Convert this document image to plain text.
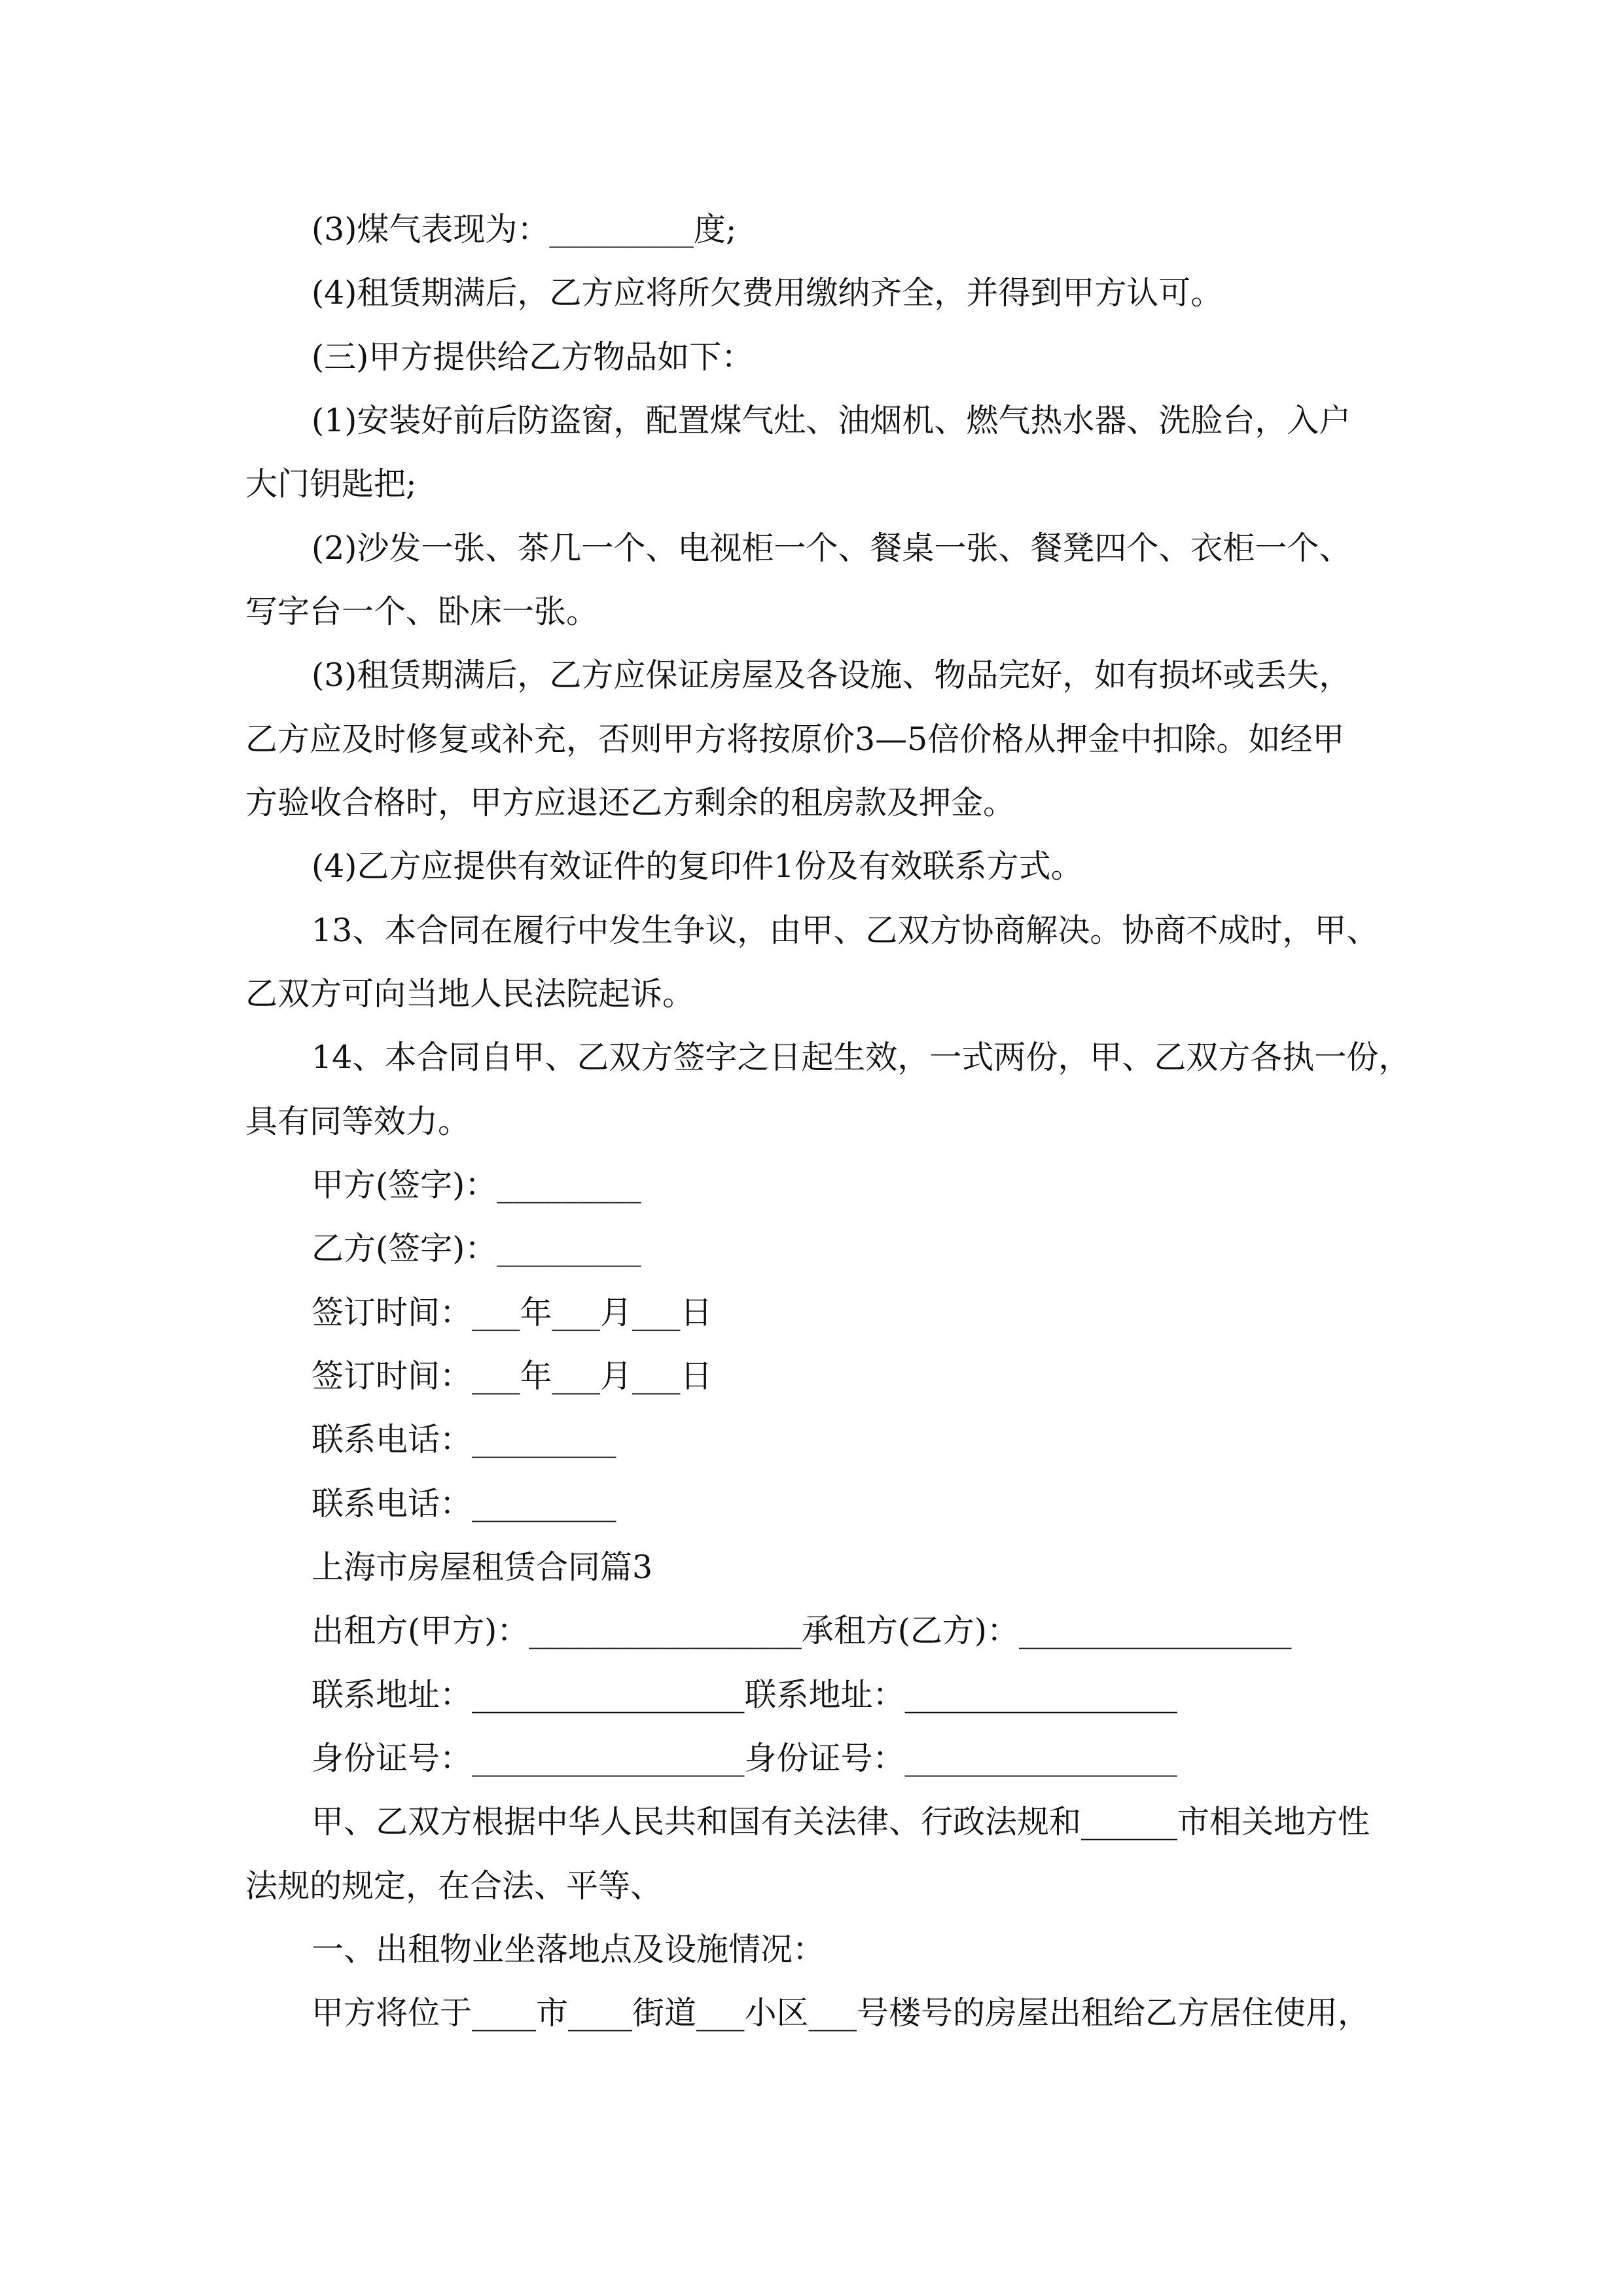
(3)煤气表现为：_________度;
(4)租赁期满后，乙方应将所欠费用缴纳齐全，并得到甲方认可。
(三)甲方提供给乙方物品如下：
(1)安装好前后防盗窗，配置煤气灶、油烟机、燃气热水器、洗脸台，入户
大门钥匙把;
(2)沙发一张、茶几一个、电视柜一个、餐桌一张、餐凳四个、衣柜一个、
写字台一个、卧床一张。
(3)租赁期满后，乙方应保证房屋及各设施、物品完好，如有损坏或丢失，
乙方应及时修复或补充，否则甲方将按原价3—5倍价格从押金中扣除。如经甲
方验收合格时，甲方应退还乙方剩余的租房款及押金。
(4)乙方应提供有效证件的复印件1份及有效联系方式。
13、本合同在履行中发生争议，由甲、乙双方协商解决。协商不成时，甲、
乙双方可向当地人民法院起诉。
14、本合同自甲、乙双方签字之日起生效，一式两份，甲、乙双方各执一份，
具有同等效力。
甲方(签字)：_________
乙方(签字)：_________
签订时间：___年___月___日
签订时间：___年___月___日
联系电话：_________
联系电话：_________
上海市房屋租赁合同篇3
出租方(甲方)：_________________承租方(乙方)：_________________
联系地址：_________________联系地址：_________________
身份证号：_________________身份证号：_________________
甲、乙双方根据中华人民共和国有关法律、行政法规和______市相关地方性
法规的规定，在合法、平等、
一、出租物业坐落地点及设施情况：
甲方将位于____市____街道___小区___号楼号的房屋出租给乙方居住使用，
